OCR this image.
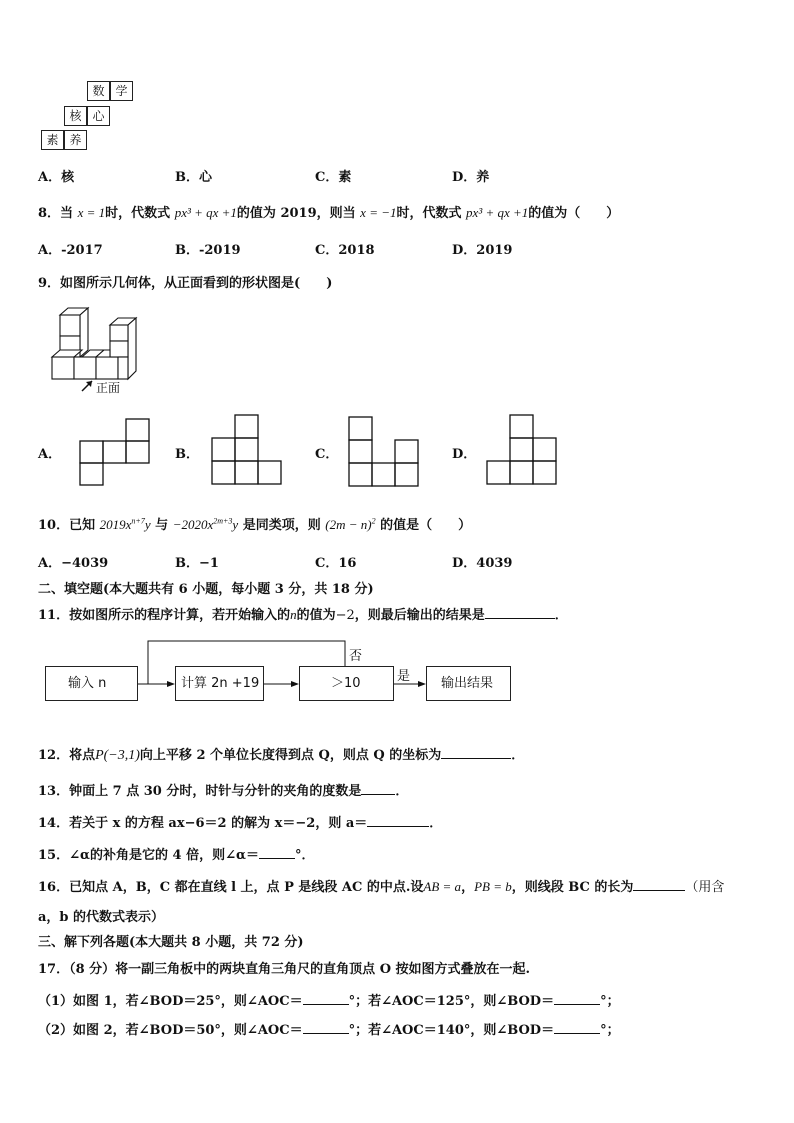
数 学
核 心
素 养
A．核	B．心	C．素	D．养
8．当 x = 1时，代数式 px³ + qx +1的值为 2019，则当 x = −1时，代数式 px³ + qx +1的值为（　　）
A．-2017	B．-2019	C．2018	D．2019
9．如图所示几何体，从正面看到的形状图是(　　)
正面
A．	B．	C．	D．
10．已知 $2019x^{n+7}y$ 与 $-2020x^{2m+3}y$ 是同类项，则 $(2m - n)^2$ 的值是（　　）
A．−4039	B．−1	C．16	D．4039
二、填空题(本大题共有 6 小题，每小题 3 分，共 18 分)
11．按如图所示的程序计算，若开始输入的n的值为−2，则最后输出的结果是	．
输入 n	计算 2n +19	＞10	输出结果
否
是
12．将点P(−3,1)向上平移 2 个单位长度得到点 Q，则点 Q 的坐标为	．
13．钟面上 7 点 30 分时，时针与分针的夹角的度数是	．
14．若关于 x 的方程 ax−6＝2 的解为 x＝−2，则 a＝	．
15．∠α的补角是它的 4 倍，则∠α＝	°．
16．已知点 A，B，C 都在直线 l 上，点 P 是线段 AC 的中点.设AB = a，PB = b，则线段 BC 的长为	（用含
a，b 的代数式表示）
三、解下列各题(本大题共 8 小题，共 72 分)
17．（8 分）将一副三角板中的两块直角三角尺的直角顶点 O 按如图方式叠放在一起.
（1）如图 1，若∠BOD＝25°，则∠AOC＝	°；若∠AOC＝125°，则∠BOD＝	°；
（2）如图 2，若∠BOD＝50°，则∠AOC＝	°；若∠AOC＝140°，则∠BOD＝	°；
